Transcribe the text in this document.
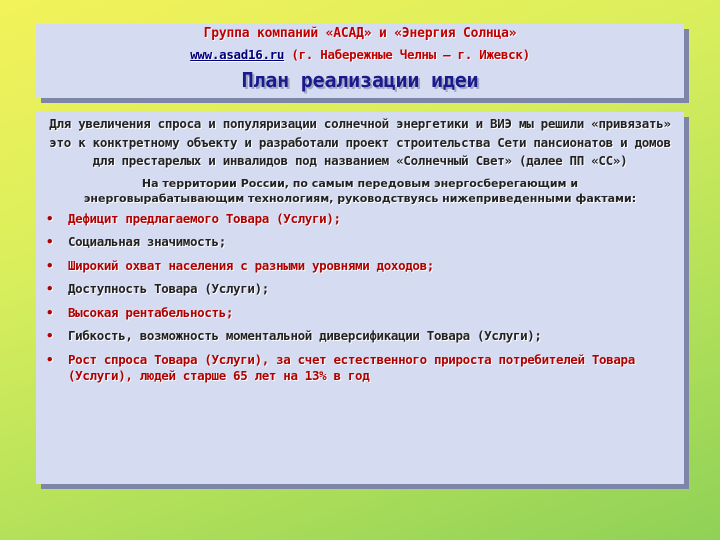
Группа компаний «АСАД» и «Энергия Солнца»
www.asad16.ru (г. Набережные Челны – г. Ижевск)
План реализации идеи

Для увеличения спроса и популяризации солнечной энергетики и ВИЭ мы решили «привязать» это к конктретному объекту и разработали проект строительства Сети пансионатов и домов для престарелых и инвалидов под названием «Солнечный Свет» (далее ПП «СС»)

На территории России, по самым передовым энергосберегающим и энерговырабатывающим технологиям, руководствуясь нижеприведенными фактами:

• Дефицит предлагаемого Товара (Услуги);
• Социальная значимость;
• Широкий охват населения с разными уровнями доходов;
• Доступность Товара (Услуги);
• Высокая рентабельность;
• Гибкость, возможность моментальной диверсификации Товара (Услуги);
• Рост спроса Товара (Услуги), за счет естественного прироста потребителей Товара (Услуги), людей старше 65 лет на 13% в год
